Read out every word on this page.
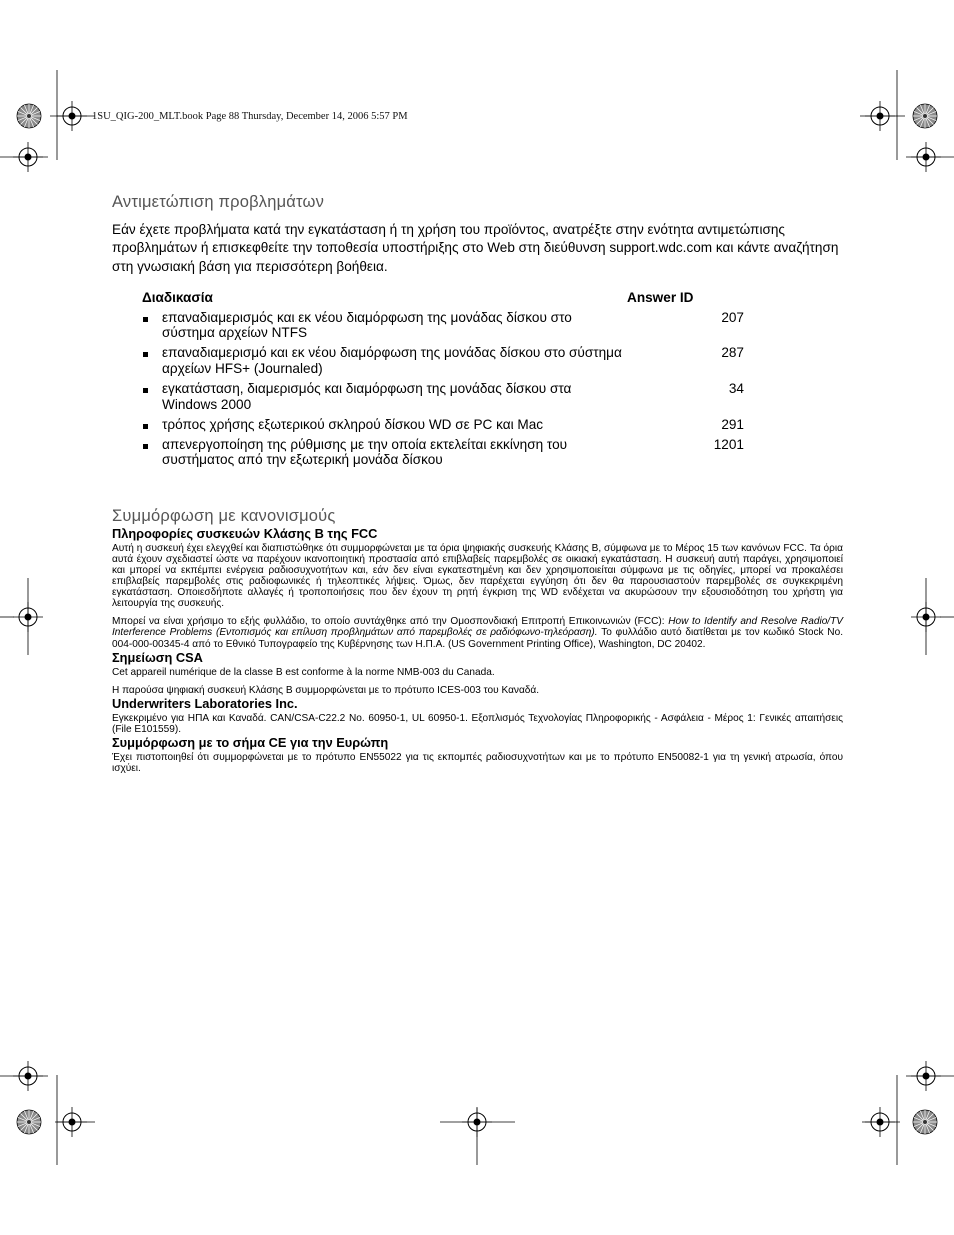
1SU_QIG-200_MLT.book Page 88 Thursday, December 14, 2006 5:57 PM
Αντιμετώπιση προβλημάτων

Εάν έχετε προβλήματα κατά την εγκατάσταση ή τη χρήση του προϊόντος, ανατρέξτε στην ενότητα αντιμετώπισης προβλημάτων ή επισκεφθείτε την τοποθεσία υποστήριξης στο Web στη διεύθυνση support.wdc.com και κάντε αναζήτηση στη γνωσιακή βάση για περισσότερη βοήθεια.

Διαδικασία	Answer ID
επαναδιαμερισμός και εκ νέου διαμόρφωση της μονάδας δίσκου στο σύστημα αρχείων NTFS
207
επαναδιαμερισμό και εκ νέου διαμόρφωση της μονάδας δίσκου στο σύστημα αρχείων HFS+ (Journaled)
287
εγκατάσταση, διαμερισμός και διαμόρφωση της μονάδας δίσκου στα Windows 2000
34
τρόπος χρήσης εξωτερικού σκληρού δίσκου WD σε PC και Mac	291
απενεργοποίηση της ρύθμισης με την οποία εκτελείται εκκίνηση του συστήματος από την εξωτερική μονάδα δίσκου
1201
Συμμόρφωση με κανονισμούς
Πληροφορίες συσκευών Κλάσης B της FCC

Αυτή η συσκευή έχει ελεγχθεί και διαπιστώθηκε ότι συμμορφώνεται με τα όρια ψηφιακής συσκευής Κλάσης B, σύμφωνα με το Μέρος 15 των κανόνων FCC. Τα όρια αυτά έχουν σχεδιαστεί ώστε να παρέχουν ικανοποιητική προστασία από επιβλαβείς παρεμβολές σε οικιακή εγκατάσταση. Η συσκευή αυτή παράγει, χρησιμοποιεί και μπορεί να εκπέμπει ενέργεια ραδιοσυχνοτήτων και, εάν δεν είναι εγκατεστημένη και δεν χρησιμοποιείται σύμφωνα με τις οδηγίες, μπορεί να προκαλέσει επιβλαβείς παρεμβολές στις ραδιοφωνικές ή τηλεοπτικές λήψεις. Όμως, δεν παρέχεται εγγύηση ότι δεν θα παρουσιαστούν παρεμβολές σε συγκεκριμένη εγκατάσταση. Οποιεσδήποτε αλλαγές ή τροποποιήσεις που δεν έχουν τη ρητή έγκριση της WD ενδέχεται να ακυρώσουν την εξουσιοδότηση του χρήστη για λειτουργία της συσκευής.

Μπορεί να είναι χρήσιμο το εξής φυλλάδιο, το οποίο συντάχθηκε από την Ομοσπονδιακή Επιτροπή Επικοινωνιών (FCC): How to Identify and Resolve Radio/TV Interference Problems (Εντοπισμός και επίλυση προβλημάτων από παρεμβολές σε ραδιόφωνο-τηλεόραση). Το φυλλάδιο αυτό διατίθεται με τον κωδικό Stock No. 004-000-00345-4 από το Εθνικό Τυπογραφείο της Κυβέρνησης των Η.Π.Α. (US Government Printing Office), Washington, DC 20402.

Σημείωση CSA

Cet appareil numérique de la classe B est conforme à la norme NMB-003 du Canada.

Η παρούσα ψηφιακή συσκευή Κλάσης B συμμορφώνεται με το πρότυπο ICES-003 του Καναδά.

Underwriters Laboratories Inc.

Εγκεκριμένο για ΗΠΑ και Καναδά. CAN/CSA-C22.2 No. 60950-1, UL 60950-1. Εξοπλισμός Τεχνολογίας Πληροφορικής - Ασφάλεια - Μέρος 1: Γενικές απαιτήσεις (File E101559).

Συμμόρφωση με το σήμα CE για την Ευρώπη

Έχει πιστοποιηθεί ότι συμμορφώνεται με το πρότυπο EN55022 για τις εκπομπές ραδιοσυχνοτήτων και με το πρότυπο EN50082-1 για τη γενική ατρωσία, όπου ισχύει.
